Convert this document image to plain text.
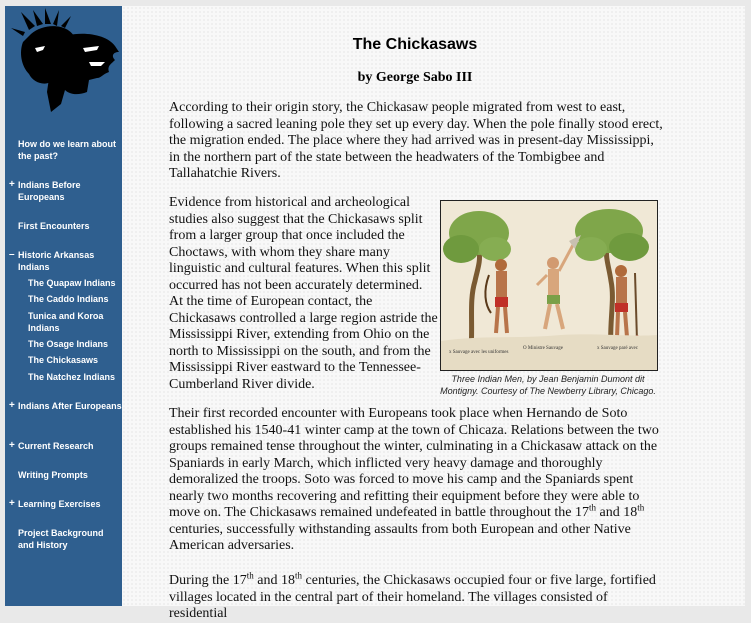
How do we learn about the past?
+ Indians Before Europeans
First Encounters
– Historic Arkansas Indians
The Quapaw Indians
The Caddo Indians
Tunica and Koroa Indians
The Osage Indians
The Chickasaws
The Natchez Indians
+ Indians After Europeans
+ Current Research
Writing Prompts
+ Learning Exercises
Project Background and History
The Chickasaws
by George Sabo III

According to their origin story, the Chickasaw people migrated from west to east, following a sacred leaning pole they set up every day. When the pole finally stood erect, the migration ended. The place where they had arrived was in present-day Mississippi, in the northern part of the state between the headwaters of the Tombigbee and Tallahatchie Rivers.

Evidence from historical and archeological studies also suggest that the Chickasaws split from a larger group that once included the Choctaws, with whom they share many linguistic and cultural features. When this split occurred has not been accurately determined. At the time of European contact, the Chickasaws controlled a large region astride the Mississippi River, extending from Ohio on the north to Mississippi on the south, and from the Mississippi River eastward to the Tennessee-Cumberland River divide.

x Sauvage avec les uniformes
O Ministre Sauvage	x Sauvage paré avec
Three Indian Men, by Jean Benjamin Dumont dit Montigny. Courtesy of The Newberry Library, Chicago.

Their first recorded encounter with Europeans took place when Hernando de Soto established his 1540-41 winter camp at the town of Chicaza. Relations between the two groups remained tense throughout the winter, culminating in a Chickasaw attack on the Spaniards in early March, which inflicted very heavy damage and thoroughly demoralized the troops. Soto was forced to move his camp and the Spaniards spent nearly two months recovering and refitting their equipment before they were able to move on. The Chickasaws remained undefeated in battle throughout the 17th and 18th centuries, successfully withstanding assaults from both European and other Native American adversaries.

During the 17th and 18th centuries, the Chickasaws occupied four or five large, fortified villages located in the central part of their homeland. The villages consisted of residential
